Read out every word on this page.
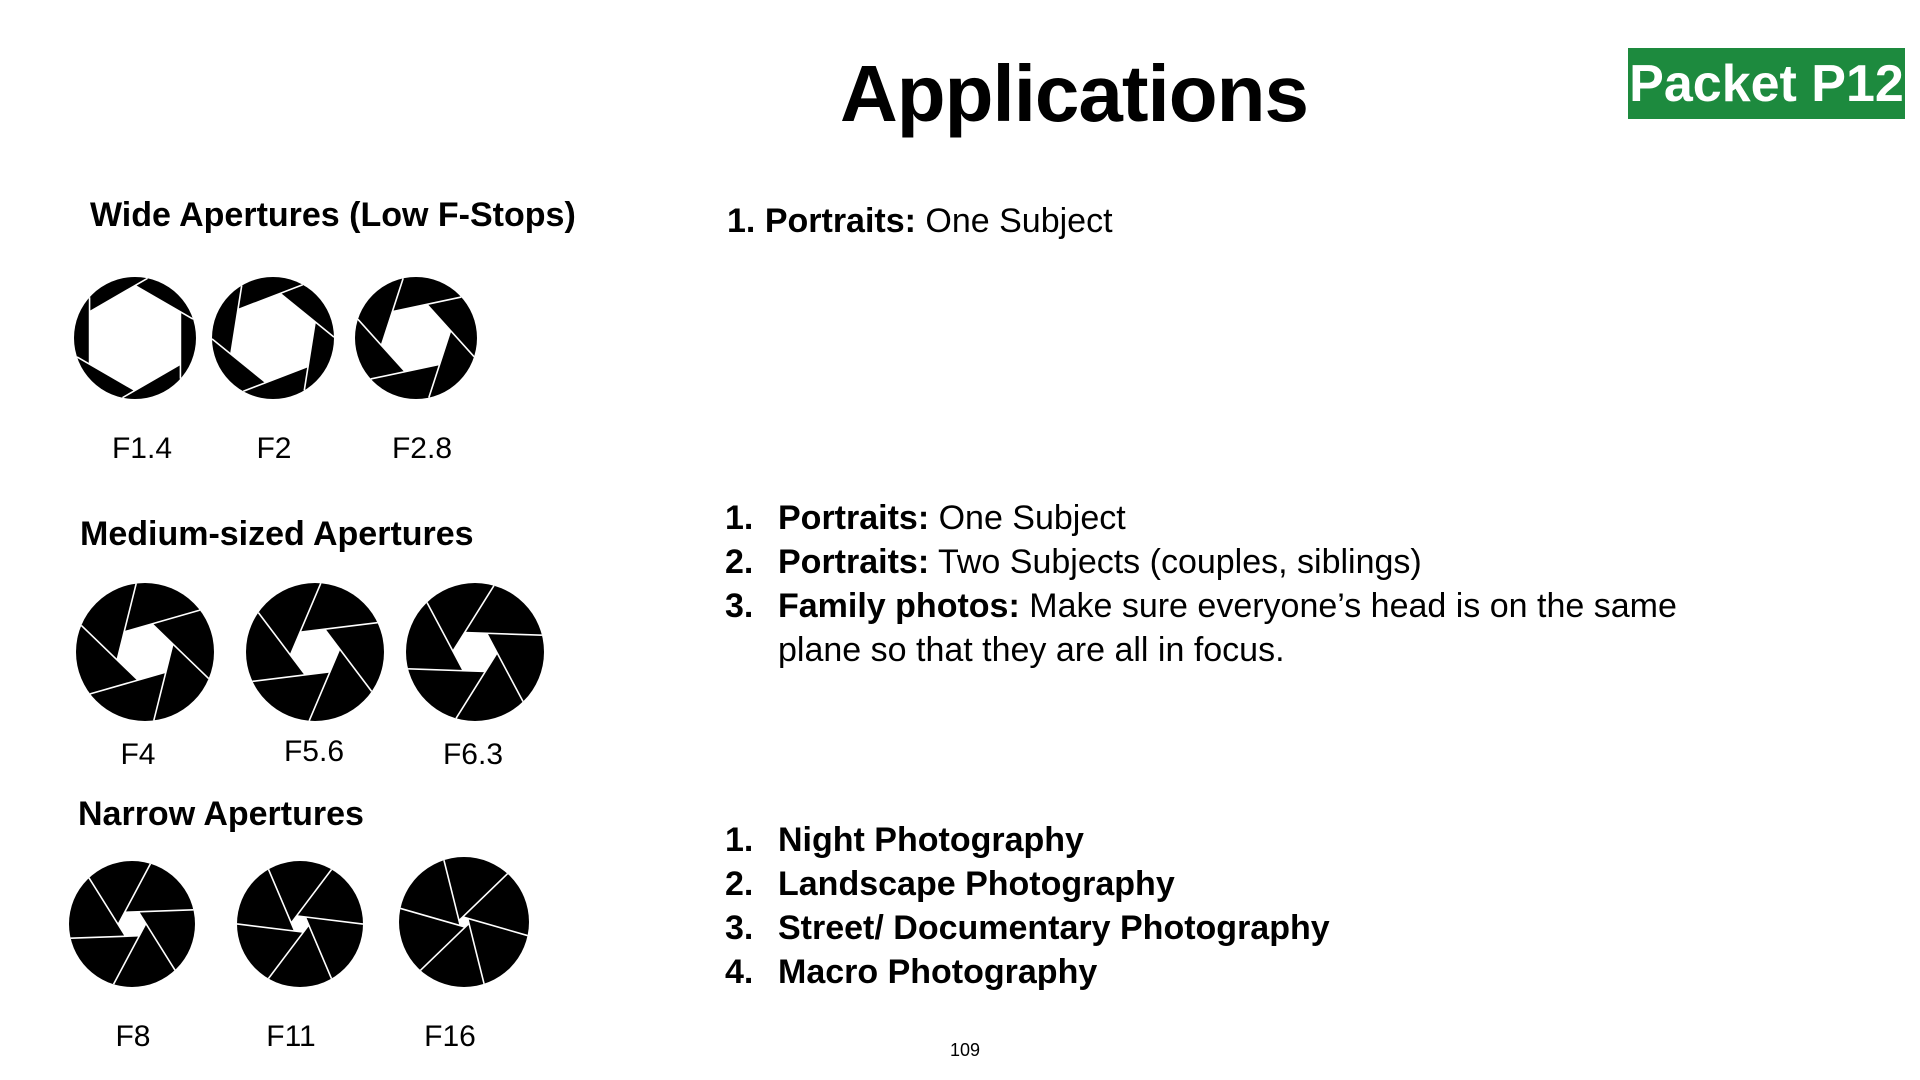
Applications	Packet P12
Wide Apertures (Low F-Stops)
F1.4	F2	F2.8
1. Portraits: One Subject
Medium-sized Apertures
F4	F5.6	F6.3
1. Portraits: One Subject
2. Portraits: Two Subjects (couples, siblings)
3. Family photos: Make sure everyone’s head is on the same plane so that they are all in focus.
Narrow Apertures
F8	F11	F16
1. Night Photography
2. Landscape Photography
3. Street/ Documentary Photography
4. Macro Photography
109
